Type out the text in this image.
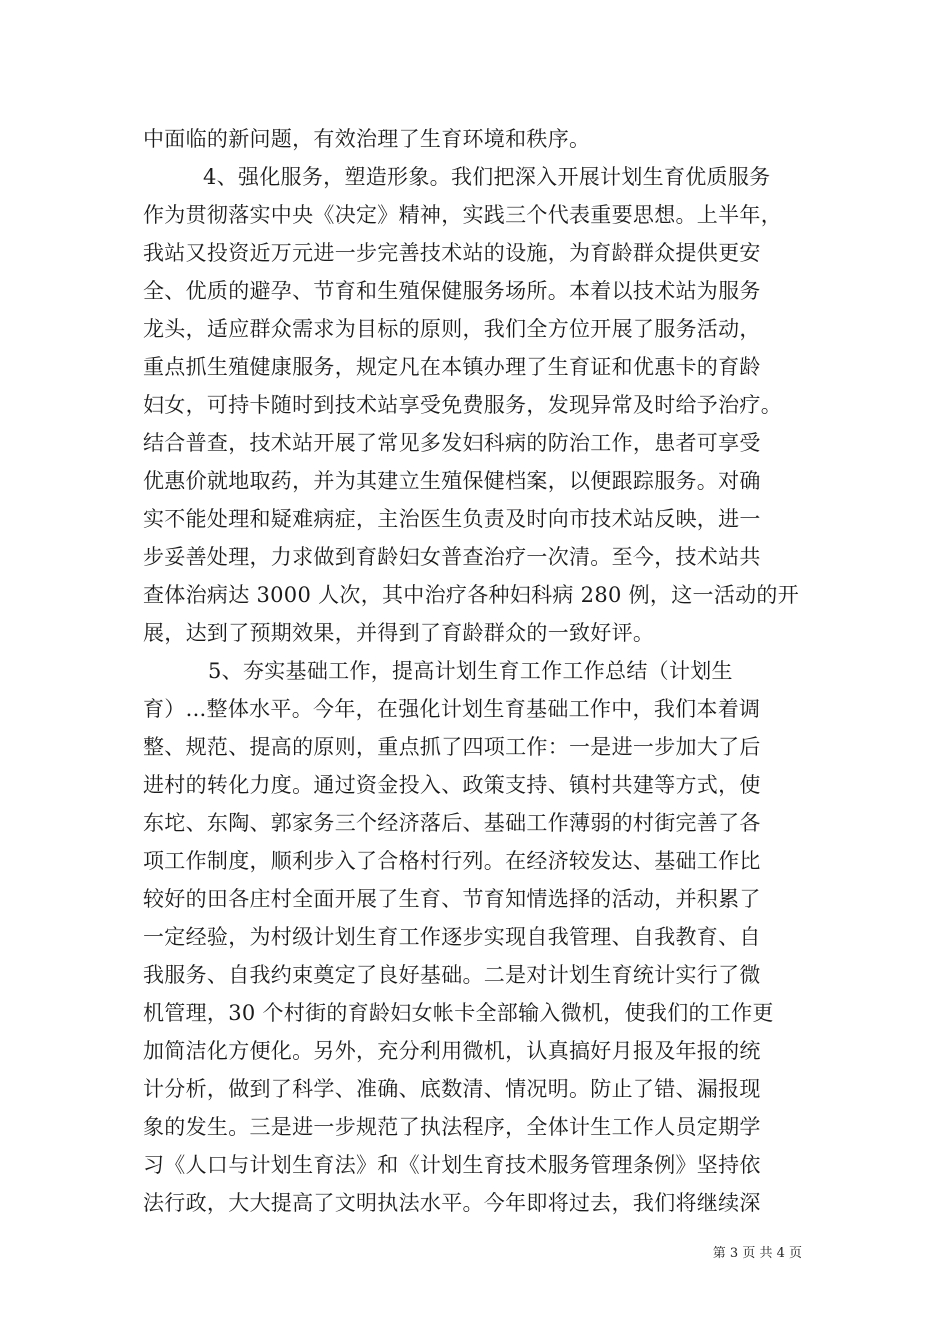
中面临的新问题，有效治理了生育环境和秩序。
4、强化服务，塑造形象。我们把深入开展计划生育优质服务
作为贯彻落实中央《决定》精神，实践三个代表重要思想。上半年，
我站又投资近万元进一步完善技术站的设施，为育龄群众提供更安
全、优质的避孕、节育和生殖保健服务场所。本着以技术站为服务
龙头，适应群众需求为目标的原则，我们全方位开展了服务活动，
重点抓生殖健康服务，规定凡在本镇办理了生育证和优惠卡的育龄
妇女，可持卡随时到技术站享受免费服务，发现异常及时给予治疗。
结合普查，技术站开展了常见多发妇科病的防治工作，患者可享受
优惠价就地取药，并为其建立生殖保健档案，以便跟踪服务。对确
实不能处理和疑难病症，主治医生负责及时向市技术站反映，进一
步妥善处理，力求做到育龄妇女普查治疗一次清。至今，技术站共
查体治病达 3000 人次，其中治疗各种妇科病 280 例，这一活动的开
展，达到了预期效果，并得到了育龄群众的一致好评。
5、夯实基础工作，提高计划生育工作工作总结（计划生
育）...整体水平。今年，在强化计划生育基础工作中，我们本着调
整、规范、提高的原则，重点抓了四项工作：一是进一步加大了后
进村的转化力度。通过资金投入、政策支持、镇村共建等方式，使
东坨、东陶、郭家务三个经济落后、基础工作薄弱的村街完善了各
项工作制度，顺利步入了合格村行列。在经济较发达、基础工作比
较好的田各庄村全面开展了生育、节育知情选择的活动，并积累了
一定经验，为村级计划生育工作逐步实现自我管理、自我教育、自
我服务、自我约束奠定了良好基础。二是对计划生育统计实行了微
机管理，30 个村街的育龄妇女帐卡全部输入微机，使我们的工作更
加简洁化方便化。另外，充分利用微机，认真搞好月报及年报的统
计分析，做到了科学、准确、底数清、情况明。防止了错、漏报现
象的发生。三是进一步规范了执法程序，全体计生工作人员定期学
习《人口与计划生育法》和《计划生育技术服务管理条例》坚持依
法行政，大大提高了文明执法水平。今年即将过去，我们将继续深
第 3 页 共 4 页
